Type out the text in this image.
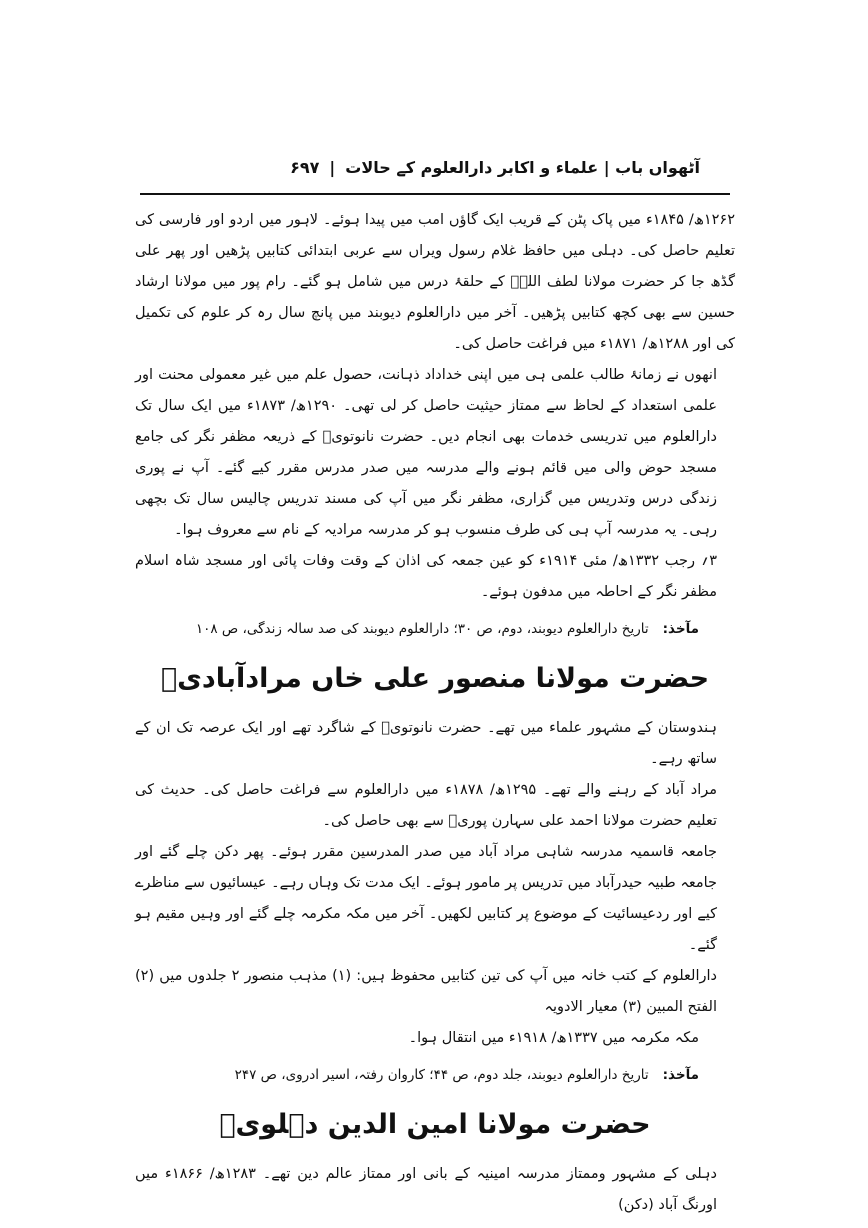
آٹھواں باب | علماء و اکابر دارالعلوم کے حالات
|
۶۹۷

۱۲۶۲ھ/ ۱۸۴۵ء میں پاک پٹن کے قریب ایک گاؤں امب میں پیدا ہوئے۔ لاہور میں اردو اور فارسی کی تعلیم حاصل کی۔ دہلی میں حافظ غلام رسول ویراں سے عربی ابتدائی کتابیں پڑھیں اور پھر علی گڈھ جا کر حضرت مولانا لطف اللہؒ کے حلقۂ درس میں شامل ہو گئے۔ رام پور میں مولانا ارشاد حسین سے بھی کچھ کتابیں پڑھیں۔ آخر میں دارالعلوم دیوبند میں پانچ سال رہ کر علوم کی تکمیل کی اور ۱۲۸۸ھ/ ۱۸۷۱ء میں فراغت حاصل کی۔

انھوں نے زمانۂ طالب علمی ہی میں اپنی خداداد ذہانت، حصول علم میں غیر معمولی محنت اور علمی استعداد کے لحاظ سے ممتاز حیثیت حاصل کر لی تھی۔ ۱۲۹۰ھ/ ۱۸۷۳ء میں ایک سال تک دارالعلوم میں تدریسی خدمات بھی انجام دیں۔ حضرت نانوتویؒ کے ذریعہ مظفر نگر کی جامع مسجد حوض والی میں قائم ہونے والے مدرسہ میں صدر مدرس مقرر کیے گئے۔ آپ نے پوری زندگی درس وتدریس میں گزاری، مظفر نگر میں آپ کی مسند تدریس چالیس سال تک بچھی رہی۔ یہ مدرسہ آپ ہی کی طرف منسوب ہو کر مدرسہ مرادیہ کے نام سے معروف ہوا۔

۳؍ رجب ۱۳۳۲ھ/ مئی ۱۹۱۴ء کو عین جمعہ کی اذان کے وقت وفات پائی اور مسجد شاہ اسلام مظفر نگر کے احاطہ میں مدفون ہوئے۔

مآخذ:
تاریخ دارالعلوم دیوبند، دوم، ص ۳۰؛ دارالعلوم دیوبند کی صد سالہ زندگی، ص ۱۰۸
حضرت مولانا منصور علی خاں مرادآبادیؒ

ہندوستان کے مشہور علماء میں تھے۔ حضرت نانوتویؒ کے شاگرد تھے اور ایک عرصہ تک ان کے ساتھ رہے۔

مراد آباد کے رہنے والے تھے۔ ۱۲۹۵ھ/ ۱۸۷۸ء میں دارالعلوم سے فراغت حاصل کی۔ حدیث کی تعلیم حضرت مولانا احمد علی سہارن پوریؒ سے بھی حاصل کی۔

جامعہ قاسمیہ مدرسہ شاہی مراد آباد میں صدر المدرسین مقرر ہوئے۔ پھر دکن چلے گئے اور جامعہ طبیہ حیدرآباد میں تدریس پر مامور ہوئے۔ ایک مدت تک وہاں رہے۔ عیسائیوں سے مناظرے کیے اور ردعیسائیت کے موضوع پر کتابیں لکھیں۔ آخر میں مکہ مکرمہ چلے گئے اور وہیں مقیم ہو گئے۔

دارالعلوم کے کتب خانہ میں آپ کی تین کتابیں محفوظ ہیں: (۱) مذہب منصور ۲ جلدوں میں (۲) الفتح المبین (۳) معیار الادویہ

مکہ مکرمہ میں ۱۳۳۷ھ/ ۱۹۱۸ء میں انتقال ہوا۔

مآخذ:
تاریخ دارالعلوم دیوبند، جلد دوم، ص ۴۴؛ کاروان رفتہ، اسیر ادروی، ص ۲۴۷
حضرت مولانا امین الدین دہلویؒ

دہلی کے مشہور وممتاز مدرسہ امینیہ کے بانی اور ممتاز عالم دین تھے۔ ۱۲۸۳ھ/ ۱۸۶۶ء میں اورنگ آباد (دکن)
